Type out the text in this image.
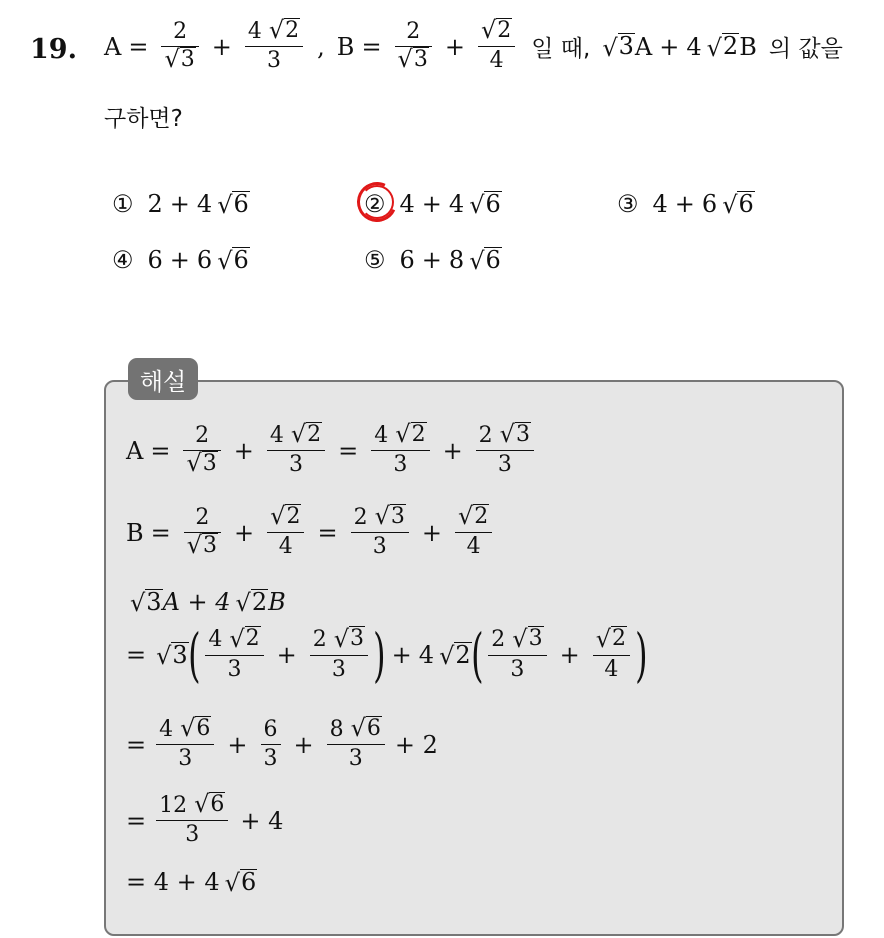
19. $A = \frac{2}{√ 3} + \frac{4 √ 2}{3}$ , $B = \frac{2}{√ 3} + \frac{√ 2}{4}$ 일 때, √ 3 A + 4 √ 2 B 의 값을
구하면?
① 2 + 4 √ 6	② 4 + 4 √ 6	③ 4 + 6 √ 6
④ 6 + 6 √ 6	⑤ 6 + 8 √ 6
해설
$A = \frac{2}{√ 3} + \frac{4 √ 2}{3} = \frac{4 √ 2}{3} + \frac{2 √ 3}{3}$
$B = \frac{2}{√ 3} + \frac{√ 2}{4} = \frac{2 √ 3}{3} + \frac{√ 2}{4}$
√ 3 A + 4 √ 2 B
= √ 3 ( $\frac{4 √ 2}{3} + \frac{2 √ 3}{3}$ ) + 4 √ 2 ( $\frac{2 √ 3}{3} + \frac{√ 2}{4}$ )
= $\frac{4 √ 6}{3} + \frac{6}{3} + \frac{8 √ 6}{3} + 2$
= $\frac{12 √ 6}{3} + 4$
= 4 + 4 √ 6
